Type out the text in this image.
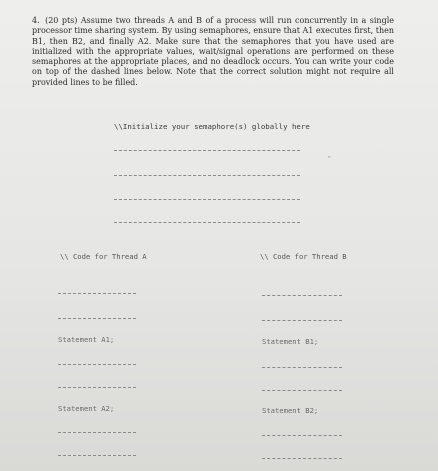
4. (20 pts) Assume two threads A and B of a process will run concurrently in a single processor time sharing system. By using semaphores, ensure that A1 executes first, then B1, then B2, and finally A2. Make sure that the semaphores that you have used are initialized with the appropriate values, wait/signal operations are performed on these semaphores at the appropriate places, and no deadlock occurs. You can write your code on top of the dashed lines below. Note that the correct solution might not require all provided lines to be filled.
\\Initialize your semaphore(s) globally here
"
\\ Code for Thread A
Statement A1;
Statement A2;
\\ Code for Thread B
Statement B1;
Statement B2;
